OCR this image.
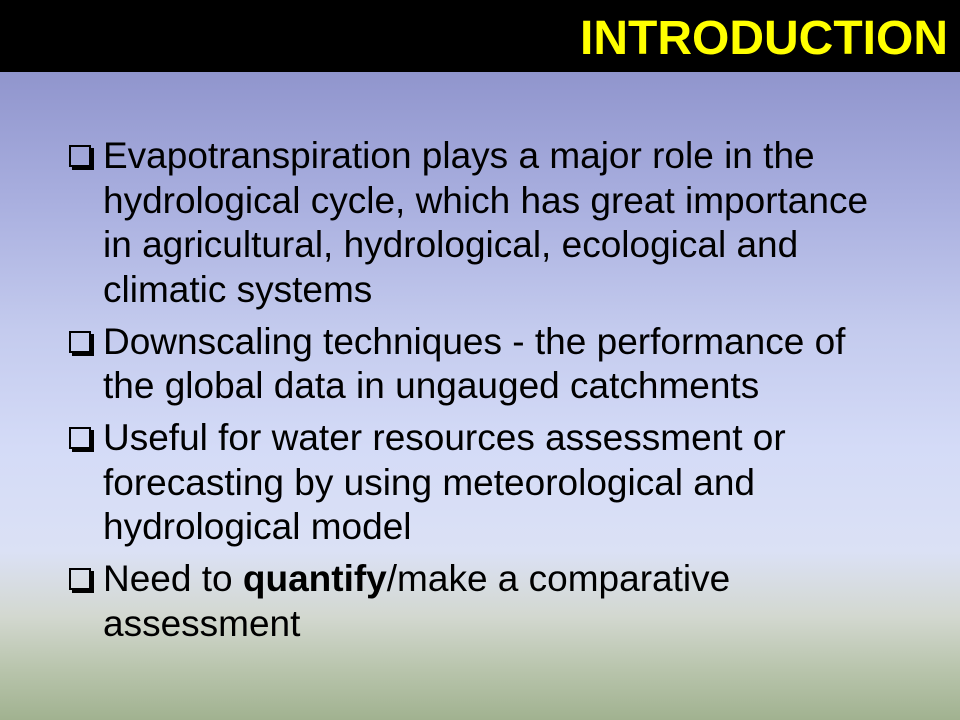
INTRODUCTION
Evapotranspiration plays a major role in the hydrological cycle, which has great importance in agricultural, hydrological, ecological and climatic systems
Downscaling techniques - the performance of the global data in ungauged catchments
Useful for water resources assessment or forecasting by using meteorological and hydrological model
Need to quantify/make a comparative assessment
